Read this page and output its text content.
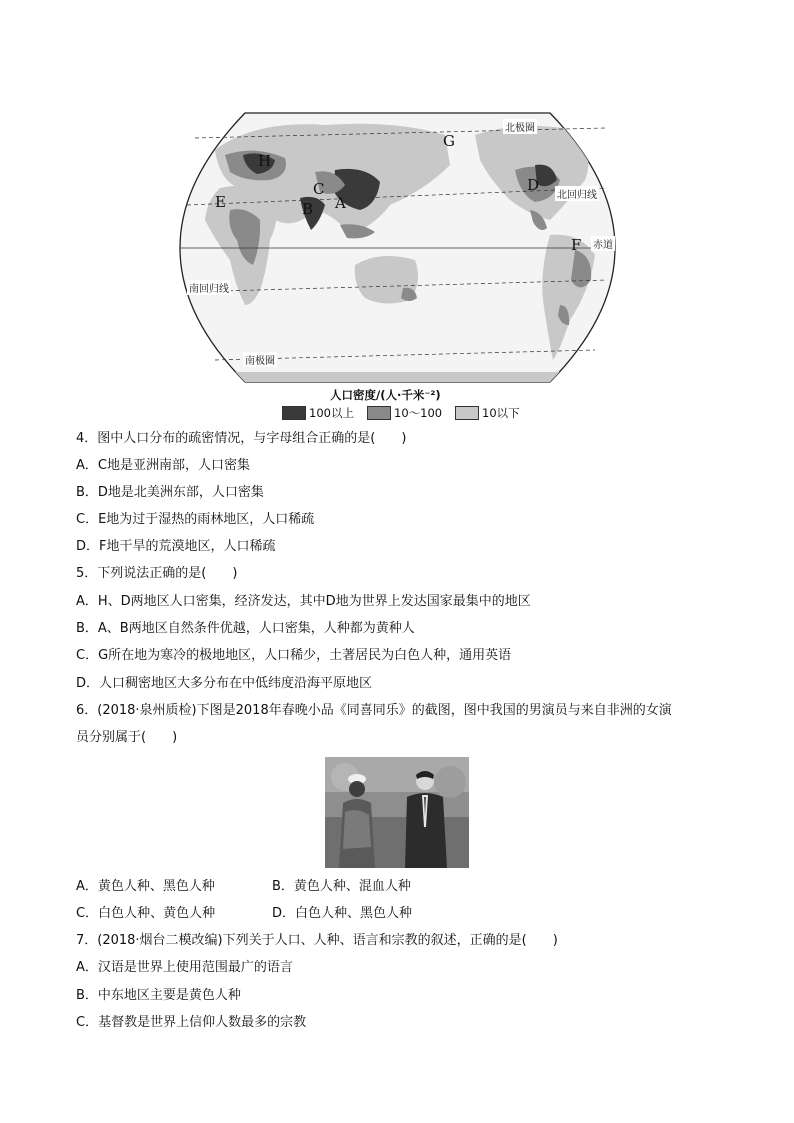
H
C
B A
E
G
D
F
北极圈
北回归线
赤道
南回归线
南极圈
人口密度/(人·千米⁻²)
100以上	10～100	10以下
4．图中人口分布的疏密情况，与字母组合正确的是(　　)
A．C地是亚洲南部，人口密集
B．D地是北美洲东部，人口密集
C．E地为过于湿热的雨林地区，人口稀疏
D．F地干旱的荒漠地区，人口稀疏
5．下列说法正确的是(　　)
A．H、D两地区人口密集，经济发达，其中D地为世界上发达国家最集中的地区
B．A、B两地区自然条件优越，人口密集，人种都为黄种人
C．G所在地为寒冷的极地地区，人口稀少，土著居民为白色人种，通用英语
D．人口稠密地区大多分布在中低纬度沿海平原地区
6．(2018·泉州质检)下图是2018年春晚小品《同喜同乐》的截图，图中我国的男演员与来自非洲的女演
员分别属于(　　)
A．黄色人种、黑色人种	B．黄色人种、混血人种
C．白色人种、黄色人种	D．白色人种、黑色人种
7．(2018·烟台二模改编)下列关于人口、人种、语言和宗教的叙述，正确的是(　　)
A．汉语是世界上使用范围最广的语言
B．中东地区主要是黄色人种
C．基督教是世界上信仰人数最多的宗教
